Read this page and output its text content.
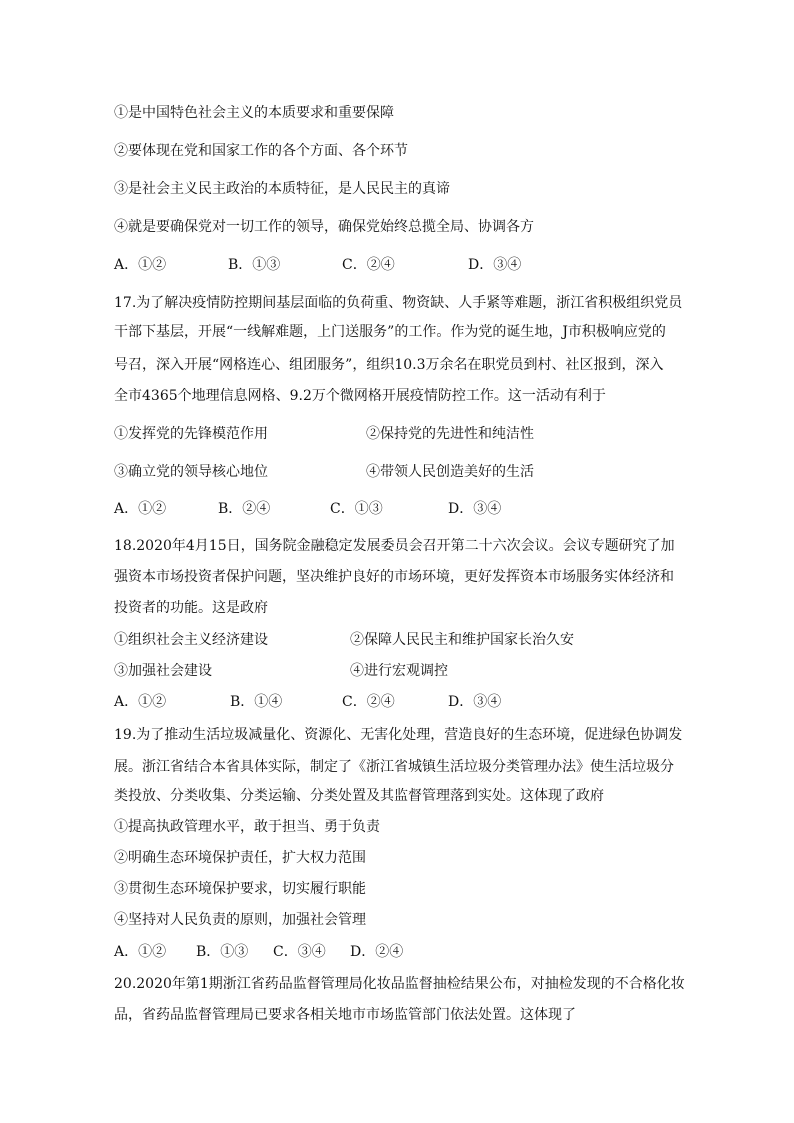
①是中国特色社会主义的本质要求和重要保障
②要体现在党和国家工作的各个方面、各个环节
③是社会主义民主政治的本质特征，是人民民主的真谛
④就是要确保党对一切工作的领导，确保党始终总揽全局、协调各方
A．①②	B．①③	C．②④	D．③④
17.为了解决疫情防控期间基层面临的负荷重、物资缺、人手紧等难题，浙江省积极组织党员
干部下基层，开展“一线解难题，上门送服务”的工作。作为党的诞生地，J市积极响应党的
号召，深入开展“网格连心、组团服务”，组织10.3万余名在职党员到村、社区报到，深入
全市4365个地理信息网格、9.2万个微网格开展疫情防控工作。这一活动有利于
①发挥党的先锋模范作用	②保持党的先进性和纯洁性
③确立党的领导核心地位	④带领人民创造美好的生活
A．①②	B．②④	C．①③	D．③④
18.2020年4月15日，国务院金融稳定发展委员会召开第二十六次会议。会议专题研究了加
强资本市场投资者保护问题，坚决维护良好的市场环境，更好发挥资本市场服务实体经济和
投资者的功能。这是政府
①组织社会主义经济建设	②保障人民民主和维护国家长治久安
③加强社会建设	④进行宏观调控
A．①②	B．①④	C．②④	D．③④
19.为了推动生活垃圾减量化、资源化、无害化处理，营造良好的生态环境，促进绿色协调发
展。浙江省结合本省具体实际，制定了《浙江省城镇生活垃圾分类管理办法》使生活垃圾分
类投放、分类收集、分类运输、分类处置及其监督管理落到实处。这体现了政府
①提高执政管理水平，敢于担当、勇于负责
②明确生态环境保护责任，扩大权力范围
③贯彻生态环境保护要求，切实履行职能
④坚持对人民负责的原则，加强社会管理
A．①② B．①③ C．③④ D．②④
20.2020年第1期浙江省药品监督管理局化妆品监督抽检结果公布，对抽检发现的不合格化妆
品，省药品监督管理局已要求各相关地市市场监管部门依法处置。这体现了
